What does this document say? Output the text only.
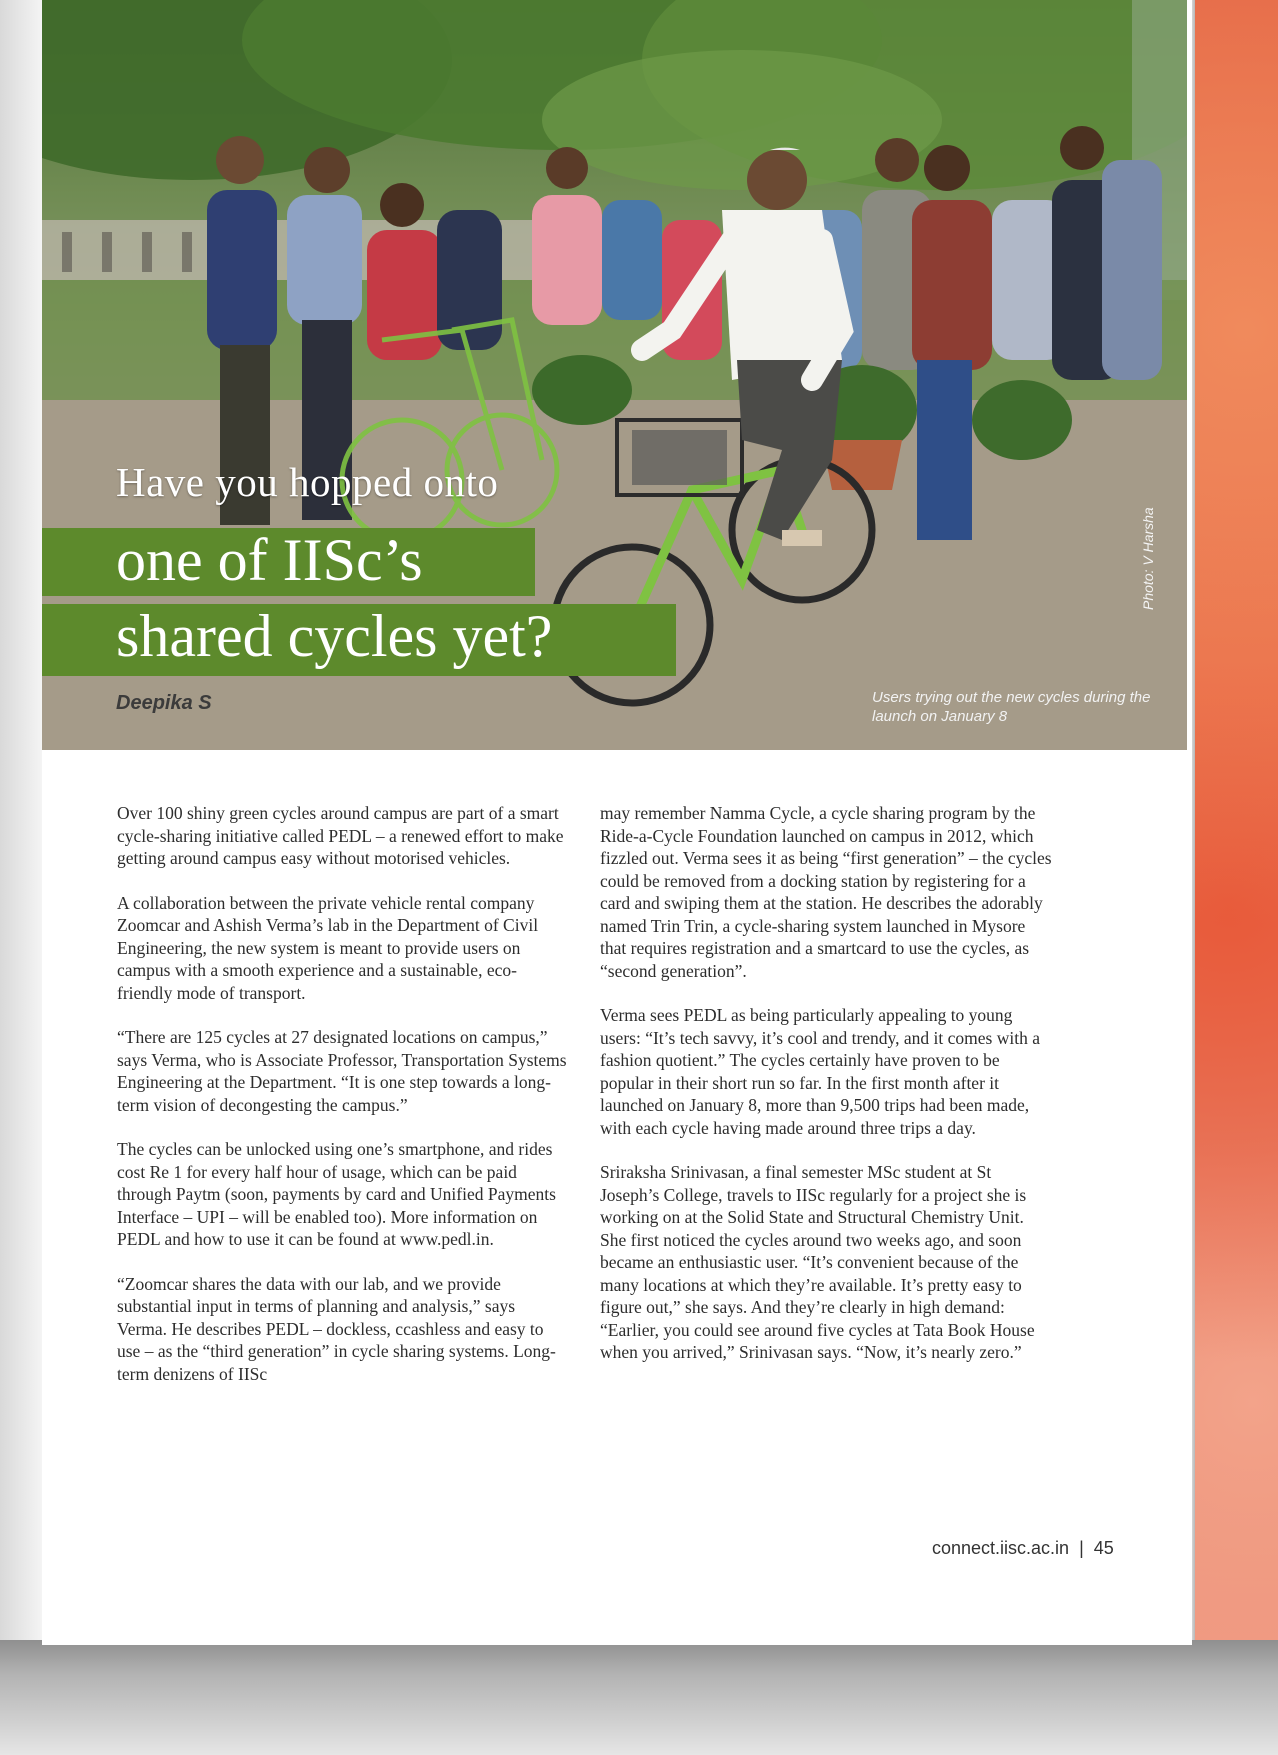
Have you hopped onto
one of IISc’s
shared cycles yet?
Deepika S	Users trying out the new cycles during the launch on January 8
Photo: V Harsha

Over 100 shiny green cycles around campus are part of a smart cycle-sharing initiative called PEDL – a renewed effort to make getting around campus easy without motorised vehicles.

A collaboration between the private vehicle rental company Zoomcar and Ashish Verma’s lab in the Department of Civil Engineering, the new system is meant to provide users on campus with a smooth experience and a sustainable, eco-friendly mode of transport.

“There are 125 cycles at 27 designated locations on campus,” says Verma, who is Associate Professor, Transportation Systems Engineering at the Department. “It is one step towards a long-term vision of decongesting the campus.”

The cycles can be unlocked using one’s smartphone, and rides cost Re 1 for every half hour of usage, which can be paid through Paytm (soon, payments by card and Unified Payments Interface – UPI – will be enabled too). More information on PEDL and how to use it can be found at www.pedl.in.

“Zoomcar shares the data with our lab, and we provide substantial input in terms of planning and analysis,” says Verma. He describes PEDL – dockless, ccashless and easy to use – as the “third generation” in cycle sharing systems. Long-term denizens of IISc

may remember Namma Cycle, a cycle sharing program by the Ride-a-Cycle Foundation launched on campus in 2012, which fizzled out. Verma sees it as being “first generation” – the cycles could be removed from a docking station by registering for a card and swiping them at the station. He describes the adorably named Trin Trin, a cycle-sharing system launched in Mysore that requires registration and a smartcard to use the cycles, as “second generation”.

Verma sees PEDL as being particularly appealing to young users: “It’s tech savvy, it’s cool and trendy, and it comes with a fashion quotient.” The cycles certainly have proven to be popular in their short run so far. In the first month after it launched on January 8, more than 9,500 trips had been made, with each cycle having made around three trips a day.

Sriraksha Srinivasan, a final semester MSc student at St Joseph’s College, travels to IISc regularly for a project she is working on at the Solid State and Structural Chemistry Unit. She first noticed the cycles around two weeks ago, and soon became an enthusiastic user. “It’s convenient because of the many locations at which they’re available. It’s pretty easy to figure out,” she says. And they’re clearly in high demand: “Earlier, you could see around five cycles at Tata Book House when you arrived,” Srinivasan says. “Now, it’s nearly zero.”

connect.iisc.ac.in | 45
